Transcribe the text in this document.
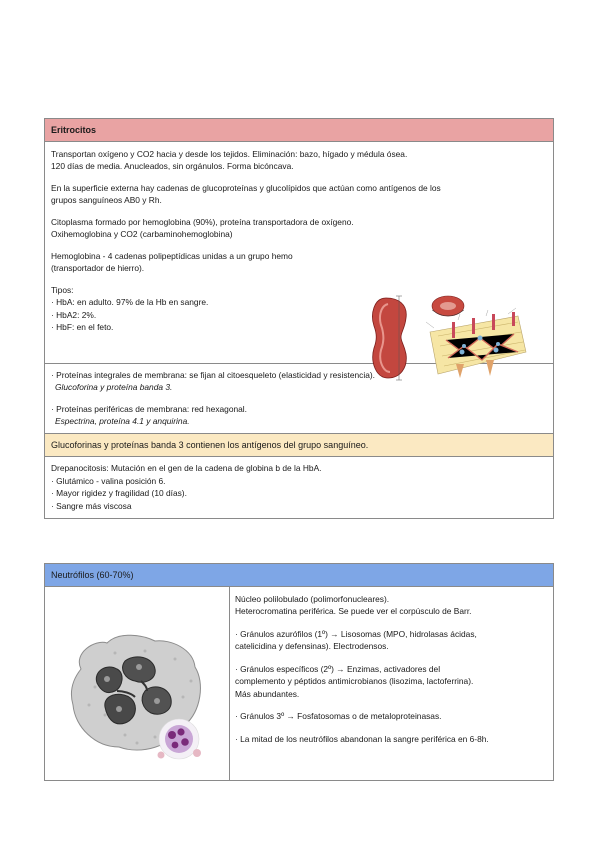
Eritrocitos
Transportan oxígeno y CO2 hacia y desde los tejidos. Eliminación: bazo, hígado y médula ósea.
120 días de media. Anucleados, sin orgánulos. Forma bicóncava.
En la superficie externa hay cadenas de glucoproteínas y glucolípidos que actúan como antígenos de los
grupos sanguíneos AB0 y Rh.
Citoplasma formado por hemoglobina (90%), proteína transportadora de oxígeno.
Oxihemoglobina y CO2 (carbaminohemoglobina)
Hemoglobina - 4 cadenas polipeptídicas unidas a un grupo hemo
(transportador de hierro).
Tipos:
· HbA: en adulto. 97% de la Hb en sangre.
· HbA2: 2%.
· HbF: en el feto.
· Proteínas integrales de membrana: se fijan al citoesqueleto (elasticidad y resistencia).
Glucoforina y proteína banda 3.
· Proteínas periféricas de membrana: red hexagonal.
Espectrina, proteína 4.1 y anquirina.
Glucoforinas y proteínas banda 3 contienen los antígenos del grupo sanguíneo.
Drepanocitosis: Mutación en el gen de la cadena de globina b de la HbA.
· Glutámico - valina posición 6.
· Mayor rigidez y fragilidad (10 días).
· Sangre más viscosa
Neutrófilos (60-70%)
Núcleo polilobulado (polimorfonucleares).
Heterocromatina periférica. Se puede ver el corpúsculo de Barr.
· Gránulos azurófilos (1º) → Lisosomas (MPO, hidrolasas ácidas,
catelicidina y defensinas). Electrodensos.
· Gránulos específicos (2º) → Enzimas, activadores del
complemento y péptidos antimicrobianos (lisozima, lactoferrina).
Más abundantes.
· Gránulos 3º → Fosfatosomas o de metaloproteinasas.
· La mitad de los neutrófilos abandonan la sangre periférica en 6-8h.
